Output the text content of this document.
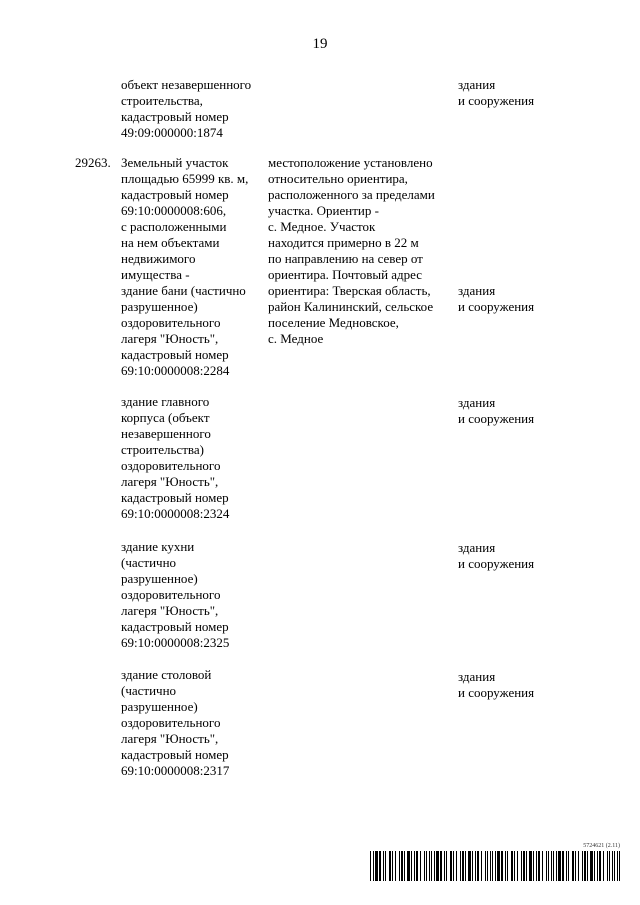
19
объект незавершенного
строительства,
кадастровый номер
49:09:000000:1874
здания
и сооружения
29263. Земельный участок
площадью 65999 кв. м,
кадастровый номер
69:10:0000008:606,
с расположенными
на нем объектами
недвижимого
имущества -
здание бани (частично
разрушенное)
оздоровительного
лагеря "Юность",
кадастровый номер
69:10:0000008:2284
местоположение установлено
относительно ориентира,
расположенного за пределами
участка. Ориентир -
с. Медное. Участок
находится примерно в 22 м
по направлению на север от
ориентира. Почтовый адрес
ориентира: Тверская область,
район Калининский, сельское
поселение Медновское,
с. Медное
здания
и сооружения
здание главного
корпуса (объект
незавершенного
строительства)
оздоровительного
лагеря "Юность",
кадастровый номер
69:10:0000008:2324
здания
и сооружения
здание кухни
(частично
разрушенное)
оздоровительного
лагеря "Юность",
кадастровый номер
69:10:0000008:2325
здания
и сооружения
здание столовой
(частично
разрушенное)
оздоровительного
лагеря "Юность",
кадастровый номер
69:10:0000008:2317
здания
и сооружения
5724621 (2.11)
